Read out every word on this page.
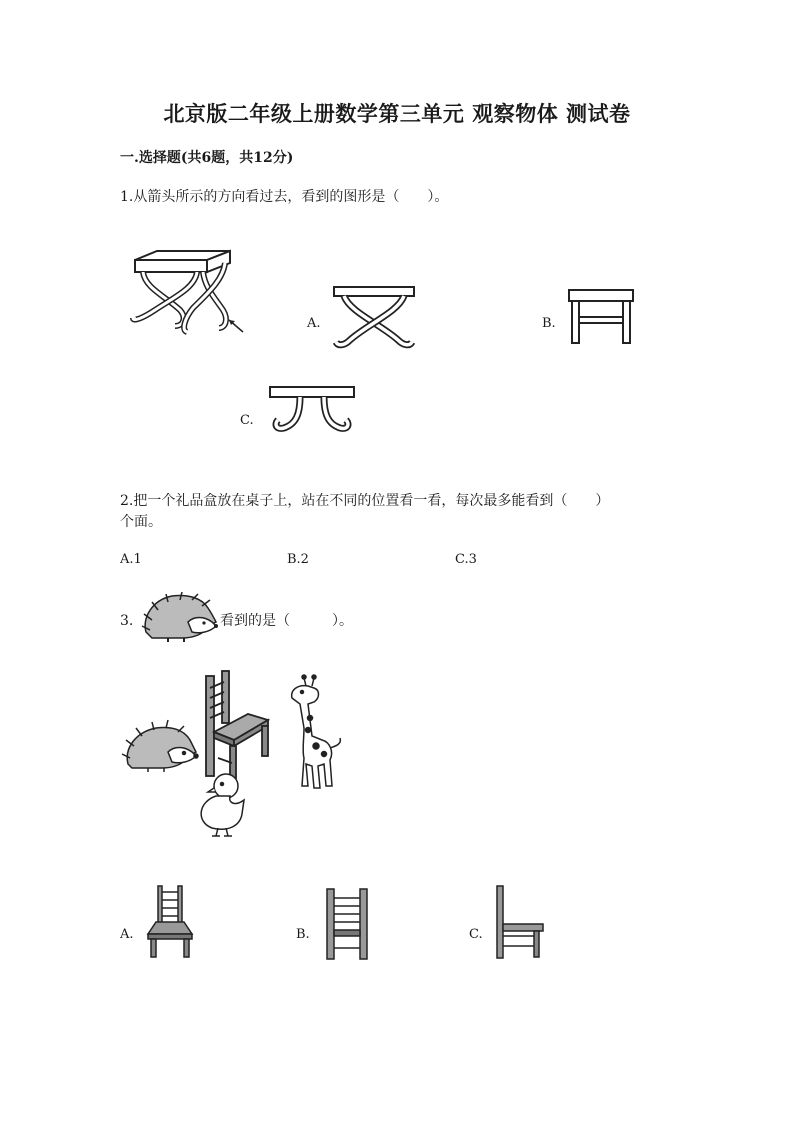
北京版二年级上册数学第三单元 观察物体 测试卷
一.选择题(共6题，共12分)
1.从箭头所示的方向看过去，看到的图形是（　　）。
A.	B.
C.
2.把一个礼品盒放在桌子上，站在不同的位置看一看，每次最多能看到（　　）
个面。
A.1	B.2	C.3
3.	看到的是（　　　）。
A.	B.	C.
